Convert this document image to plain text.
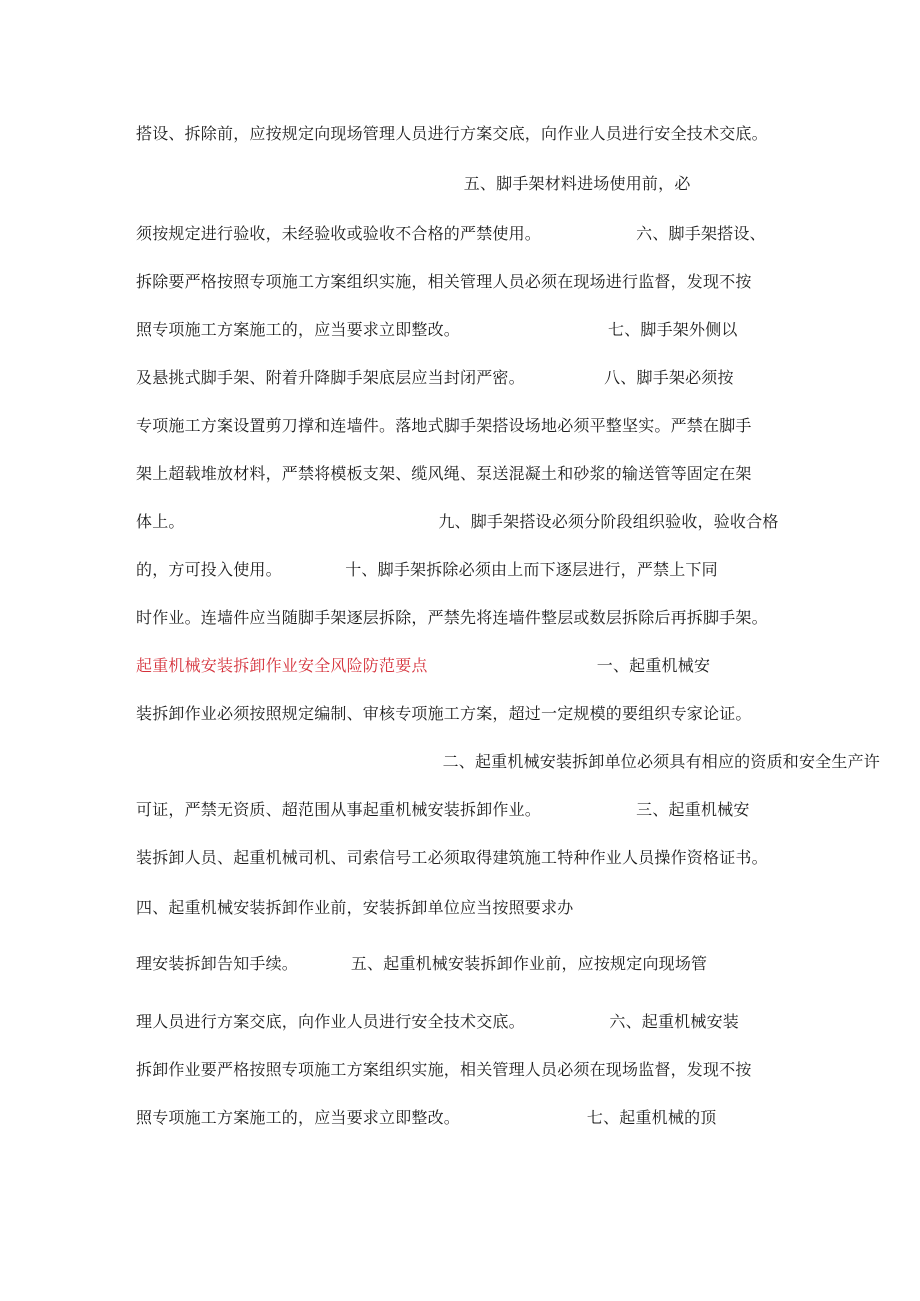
搭设、拆除前，应按规定向现场管理人员进行方案交底，向作业人员进行安全技术交底。
五、脚手架材料进场使用前，必
须按规定进行验收，未经验收或验收不合格的严禁使用。                  六、脚手架搭设、
拆除要严格按照专项施工方案组织实施，相关管理人员必须在现场进行监督，发现不按
照专项施工方案施工的，应当要求立即整改。                            七、脚手架外侧以
及悬挑式脚手架、附着升降脚手架底层应当封闭严密。               八、脚手架必须按
专项施工方案设置剪刀撑和连墙件。落地式脚手架搭设场地必须平整坚实。严禁在脚手
架上超载堆放材料，严禁将模板支架、缆风绳、泵送混凝土和砂浆的输送管等固定在架
体上。                                                九、脚手架搭设必须分阶段组织验收，验收合格
的，方可投入使用。            十、脚手架拆除必须由上而下逐层进行，严禁上下同
时作业。连墙件应当随脚手架逐层拆除，严禁先将连墙件整层或数层拆除后再拆脚手架。
起重机械安装拆卸作业安全风险防范要点                                一、起重机械安
装拆卸作业必须按照规定编制、审核专项施工方案，超过一定规模的要组织专家论证。
二、起重机械安装拆卸单位必须具有相应的资质和安全生产许
可证，严禁无资质、超范围从事起重机械安装拆卸作业。                  三、起重机械安
装拆卸人员、起重机械司机、司索信号工必须取得建筑施工特种作业人员操作资格证书。
四、起重机械安装拆卸作业前，安装拆卸单位应当按照要求办
理安装拆卸告知手续。          五、起重机械安装拆卸作业前，应按规定向现场管
理人员进行方案交底，向作业人员进行安全技术交底。                六、起重机械安装
拆卸作业要严格按照专项施工方案组织实施，相关管理人员必须在现场监督，发现不按
照专项施工方案施工的，应当要求立即整改。                        七、起重机械的顶
